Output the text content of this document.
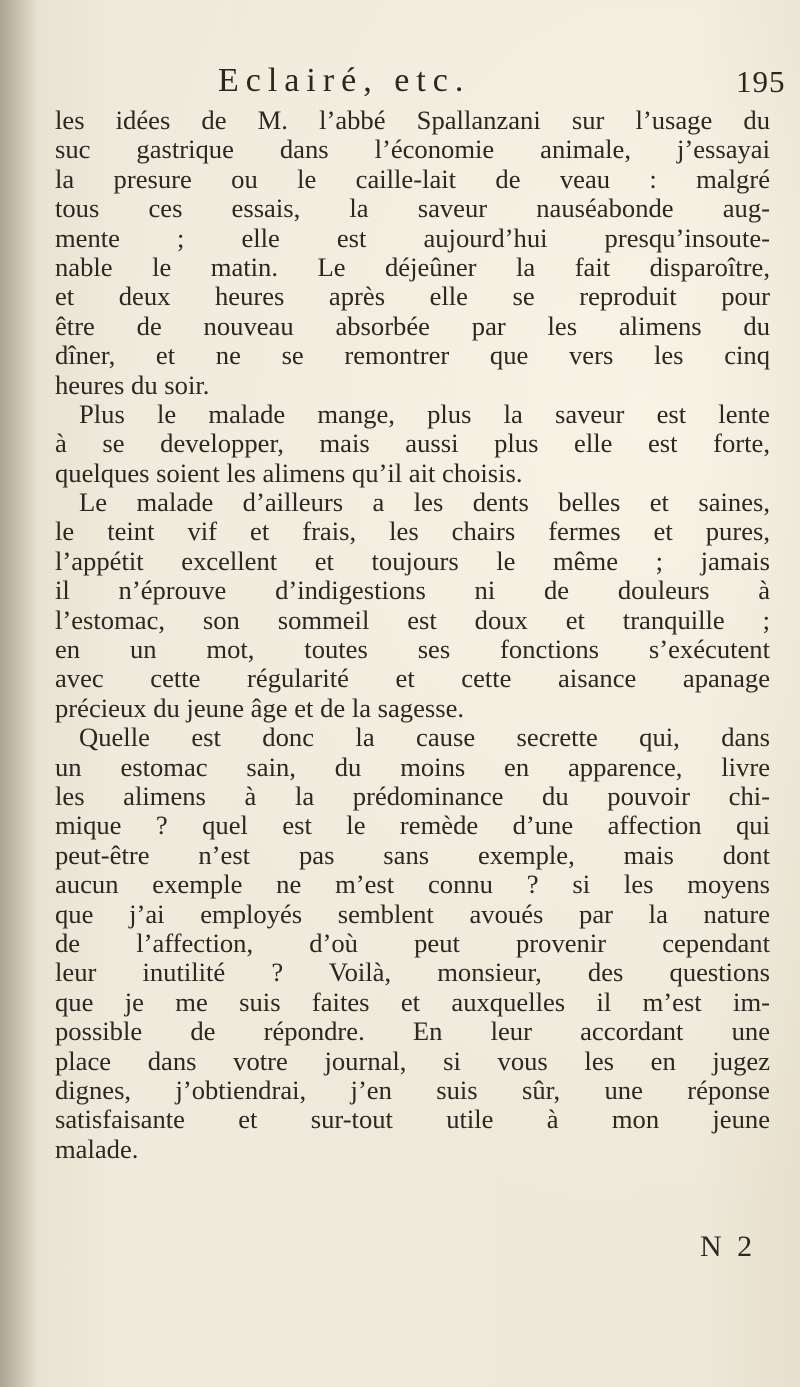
Eclairé, etc.	195
les idées de M. l’abbé Spallanzani sur l’usage du
suc gastrique dans l’économie animale, j’essayai
la presure ou le caille-lait de veau : malgré
tous ces essais, la saveur nauséabonde aug-
mente ; elle est aujourd’hui presqu’insoute-
nable le matin. Le déjeûner la fait disparoître,
et deux heures après elle se reproduit pour
être de nouveau absorbée par les alimens du
dîner, et ne se remontrer que vers les cinq
heures du soir.
Plus le malade mange, plus la saveur est lente
à se developper, mais aussi plus elle est forte,
quelques soient les alimens qu’il ait choisis.
Le malade d’ailleurs a les dents belles et saines,
le teint vif et frais, les chairs fermes et pures,
l’appétit excellent et toujours le même ; jamais
il n’éprouve d’indigestions ni de douleurs à
l’estomac, son sommeil est doux et tranquille ;
en un mot, toutes ses fonctions s’exécutent
avec cette régularité et cette aisance apanage
précieux du jeune âge et de la sagesse.
Quelle est donc la cause secrette qui, dans
un estomac sain, du moins en apparence, livre
les alimens à la prédominance du pouvoir chi-
mique ? quel est le remède d’une affection qui
peut-être n’est pas sans exemple, mais dont
aucun exemple ne m’est connu ? si les moyens
que j’ai employés semblent avoués par la nature
de l’affection, d’où peut provenir cependant
leur inutilité ? Voilà, monsieur, des questions
que je me suis faites et auxquelles il m’est im-
possible de répondre. En leur accordant une
place dans votre journal, si vous les en jugez
dignes, j’obtiendrai, j’en suis sûr, une réponse
satisfaisante et sur-tout utile à mon jeune
malade.
N 2
